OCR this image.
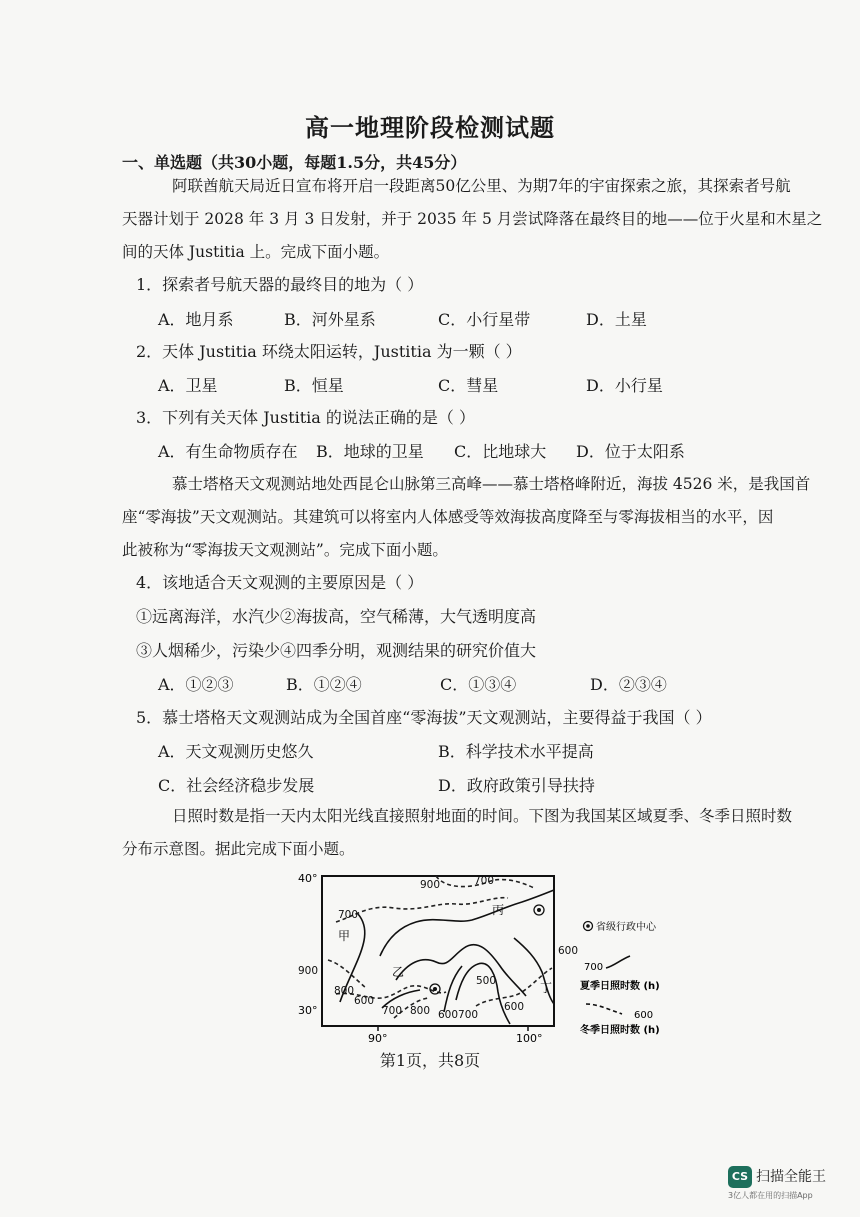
高一地理阶段检测试题
一、单选题（共30小题，每题1.5分，共45分）
阿联酋航天局近日宣布将开启一段距离50亿公里、为期7年的宇宙探索之旅，其探索者号航
天器计划于 2028 年 3 月 3 日发射，并于 2035 年 5 月尝试降落在最终目的地——位于火星和木星之
间的天体 Justitia 上。完成下面小题。
1．探索者号航天器的最终目的地为（ ）
A．地月系	B．河外星系	C．小行星带	D．土星
2．天体 Justitia 环绕太阳运转，Justitia 为一颗（ ）
A．卫星	B．恒星	C．彗星	D．小行星
3．下列有关天体 Justitia 的说法正确的是（ ）
A．有生命物质存在 B．地球的卫星 C．比地球大 D．位于太阳系
慕士塔格天文观测站地处西昆仑山脉第三高峰——慕士塔格峰附近，海拔 4526 米，是我国首
座“零海拔”天文观测站。其建筑可以将室内人体感受等效海拔高度降至与零海拔相当的水平，因
此被称为“零海拔天文观测站”。完成下面小题。
4．该地适合天文观测的主要原因是（ ）
①远离海洋，水汽少②海拔高，空气稀薄，大气透明度高
③人烟稀少，污染少④四季分明，观测结果的研究价值大
A．①②③	B．①②④	C．①③④	D．②③④
5．慕士塔格天文观测站成为全国首座“零海拔”天文观测站，主要得益于我国（ ）
A．天文观测历史悠久	B．科学技术水平提高
C．社会经济稳步发展	D．政府政策引导扶持
日照时数是指一天内太阳光线直接照射地面的时间。下图为我国某区域夏季、冬季日照时数
分布示意图。据此完成下面小题。
40°
30°
90°	100°
900	700
700
900
800
600
700 800 600700
500
600
600
丙
甲
乙
丁
省级行政中心
700
夏季日照时数 (h)
600
冬季日照时数 (h)
第1页，共8页
CS 扫描全能王
3亿人都在用的扫描App
